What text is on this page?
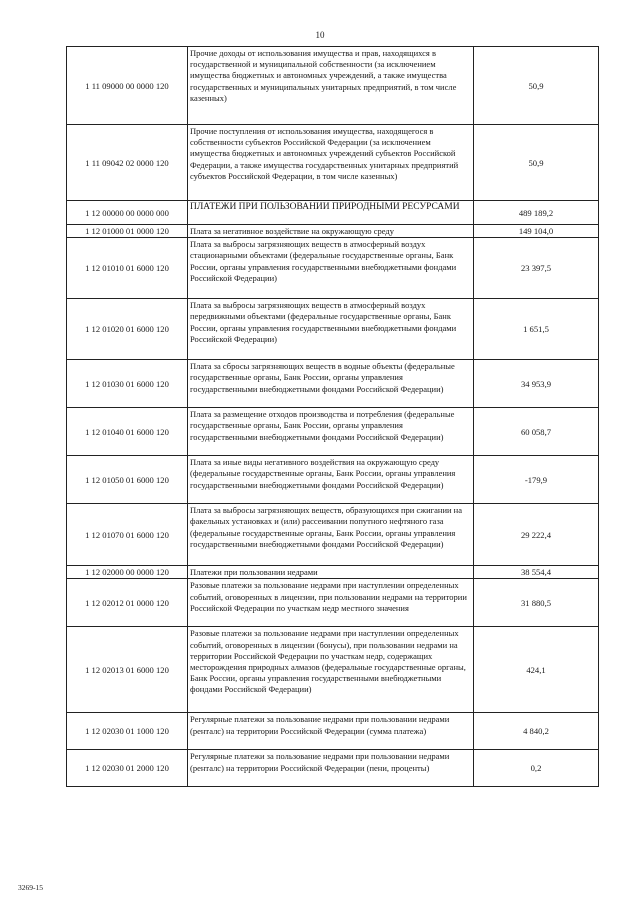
10
1 11 09000 00 0000 120	Прочие доходы от использования имущества и прав, находящихся в государственной и муниципальной собственности (за исключением имущества бюджетных и автономных учреждений, а также имущества государственных и муниципальных унитарных предприятий, в том числе казенных)	50,9
1 11 09042 02 0000 120	Прочие поступления от использования имущества, находящегося в собственности субъектов Российской Федерации (за исключением имущества бюджетных и автономных учреждений субъектов Российской Федерации, а также имущества государственных унитарных предприятий субъектов Российской Федерации, в том числе казенных)	50,9
1 12 00000 00 0000 000	ПЛАТЕЖИ ПРИ ПОЛЬЗОВАНИИ ПРИРОДНЫМИ РЕСУРСАМИ	489 189,2
1 12 01000 01 0000 120	Плата за негативное воздействие на окружающую среду	149 104,0
1 12 01010 01 6000 120	Плата за выбросы загрязняющих веществ в атмосферный воздух стационарными объектами (федеральные государственные органы, Банк России, органы управления государственными внебюджетными фондами Российской Федерации)	23 397,5
1 12 01020 01 6000 120	Плата за выбросы загрязняющих веществ в атмосферный воздух передвижными объектами (федеральные государственные органы, Банк России, органы управления государственными внебюджетными фондами Российской Федерации)	1 651,5
1 12 01030 01 6000 120	Плата за сбросы загрязняющих веществ в водные объекты (федеральные государственные органы, Банк России, органы управления государственными внебюджетными фондами Российской Федерации)	34 953,9
1 12 01040 01 6000 120	Плата за размещение отходов производства и потребления (федеральные государственные органы, Банк России, органы управления государственными внебюджетными фондами Российской Федерации)	60 058,7
1 12 01050 01 6000 120	Плата за иные виды негативного воздействия на окружающую среду (федеральные государственные органы, Банк России, органы управления государственными внебюджетными фондами Российской Федерации)	-179,9
1 12 01070 01 6000 120	Плата за выбросы загрязняющих веществ, образующихся при сжигании на факельных установках и (или) рассеивании попутного нефтяного газа (федеральные государственные органы, Банк России, органы управления государственными внебюджетными фондами Российской Федерации)	29 222,4
1 12 02000 00 0000 120	Платежи при пользовании недрами	38 554,4
1 12 02012 01 0000 120	Разовые платежи за пользование недрами при наступлении определенных событий, оговоренных в лицензии, при пользовании недрами на территории Российской Федерации по участкам недр местного значения	31 880,5
1 12 02013 01 6000 120	Разовые платежи за пользование недрами при наступлении определенных событий, оговоренных в лицензии (бонусы), при пользовании недрами на территории Российской Федерации по участкам недр, содержащих месторождения природных алмазов (федеральные государственные органы, Банк России, органы управления государственными внебюджетными фондами Российской Федерации)	424,1
1 12 02030 01 1000 120	Регулярные платежи за пользование недрами при пользовании недрами (ренталс) на территории Российской Федерации (сумма платежа)	4 840,2
1 12 02030 01 2000 120	Регулярные платежи за пользование недрами при пользовании недрами (ренталс) на территории Российской Федерации (пени, проценты)	0,2
3269-15
